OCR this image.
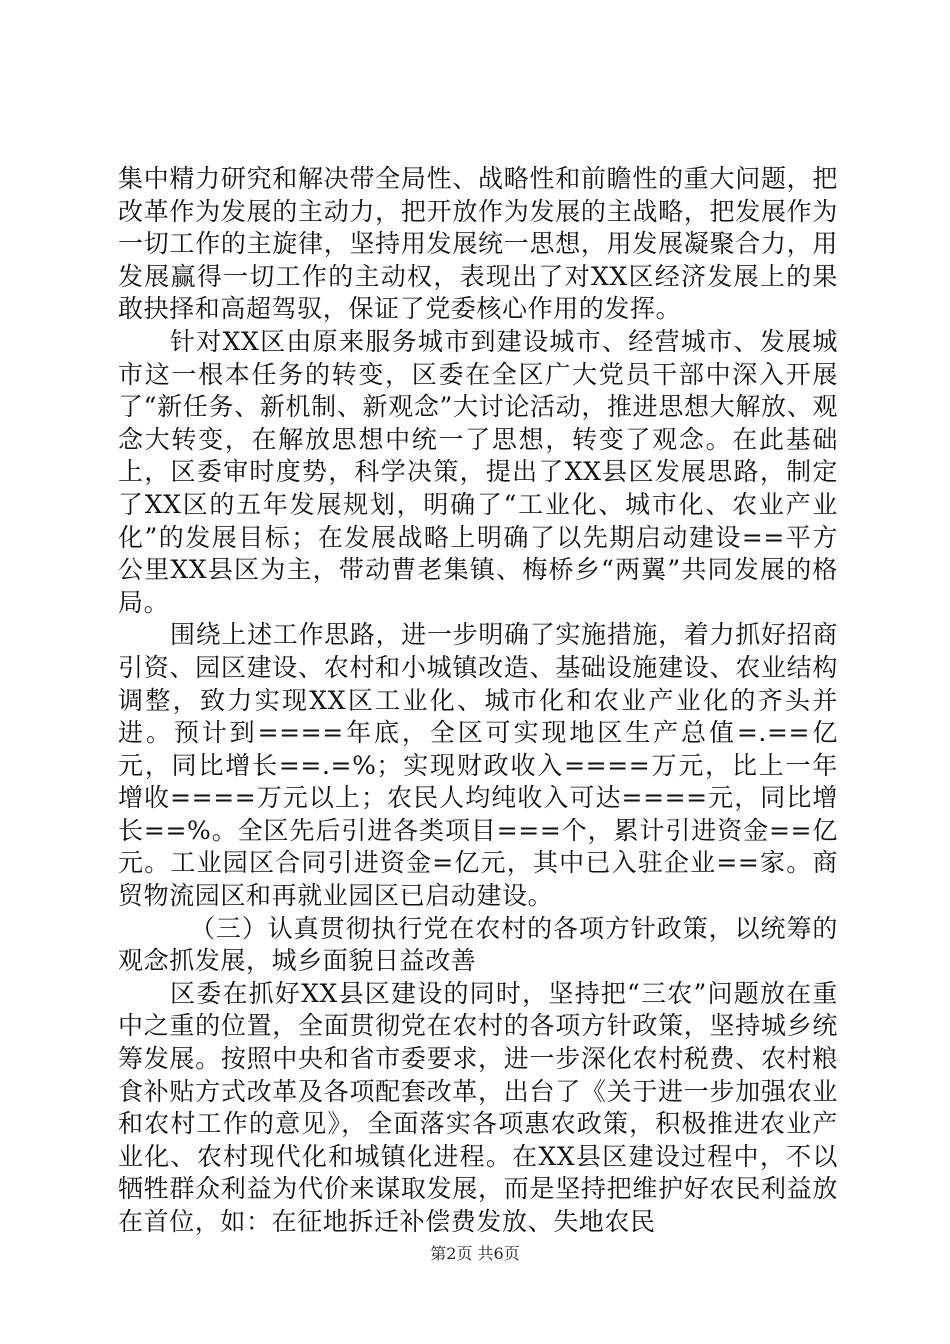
集中精力研究和解决带全局性、战略性和前瞻性的重大问题，把改革作为发展的主动力，把开放作为发展的主战略，把发展作为一切工作的主旋律，坚持用发展统一思想，用发展凝聚合力，用发展赢得一切工作的主动权，表现出了对XX区经济发展上的果敢抉择和高超驾驭，保证了党委核心作用的发挥。

针对XX区由原来服务城市到建设城市、经营城市、发展城市这一根本任务的转变，区委在全区广大党员干部中深入开展了“新任务、新机制、新观念”大讨论活动，推进思想大解放、观念大转变，在解放思想中统一了思想，转变了观念。在此基础上，区委审时度势，科学决策，提出了XX县区发展思路，制定了XX区的五年发展规划，明确了“工业化、城市化、农业产业化”的发展目标；在发展战略上明确了以先期启动建设==平方公里XX县区为主，带动曹老集镇、梅桥乡“两翼”共同发展的格局。

围绕上述工作思路，进一步明确了实施措施，着力抓好招商引资、园区建设、农村和小城镇改造、基础设施建设、农业结构调整，致力实现XX区工业化、城市化和农业产业化的齐头并进。预计到====年底，全区可实现地区生产总值=.==亿元，同比增长==.=%；实现财政收入====万元，比上一年增收====万元以上；农民人均纯收入可达====元，同比增长==%。全区先后引进各类项目===个，累计引进资金==亿元。工业园区合同引进资金=亿元，其中已入驻企业==家。商贸物流园区和再就业园区已启动建设。

（三）认真贯彻执行党在农村的各项方针政策，以统筹的观念抓发展，城乡面貌日益改善

区委在抓好XX县区建设的同时，坚持把“三农”问题放在重中之重的位置，全面贯彻党在农村的各项方针政策，坚持城乡统筹发展。按照中央和省市委要求，进一步深化农村税费、农村粮食补贴方式改革及各项配套改革，出台了《关于进一步加强农业和农村工作的意见》，全面落实各项惠农政策，积极推进农业产业化、农村现代化和城镇化进程。在XX县区建设过程中，不以牺牲群众利益为代价来谋取发展，而是坚持把维护好农民利益放在首位，如：在征地拆迁补偿费发放、失地农民

第2页 共6页
